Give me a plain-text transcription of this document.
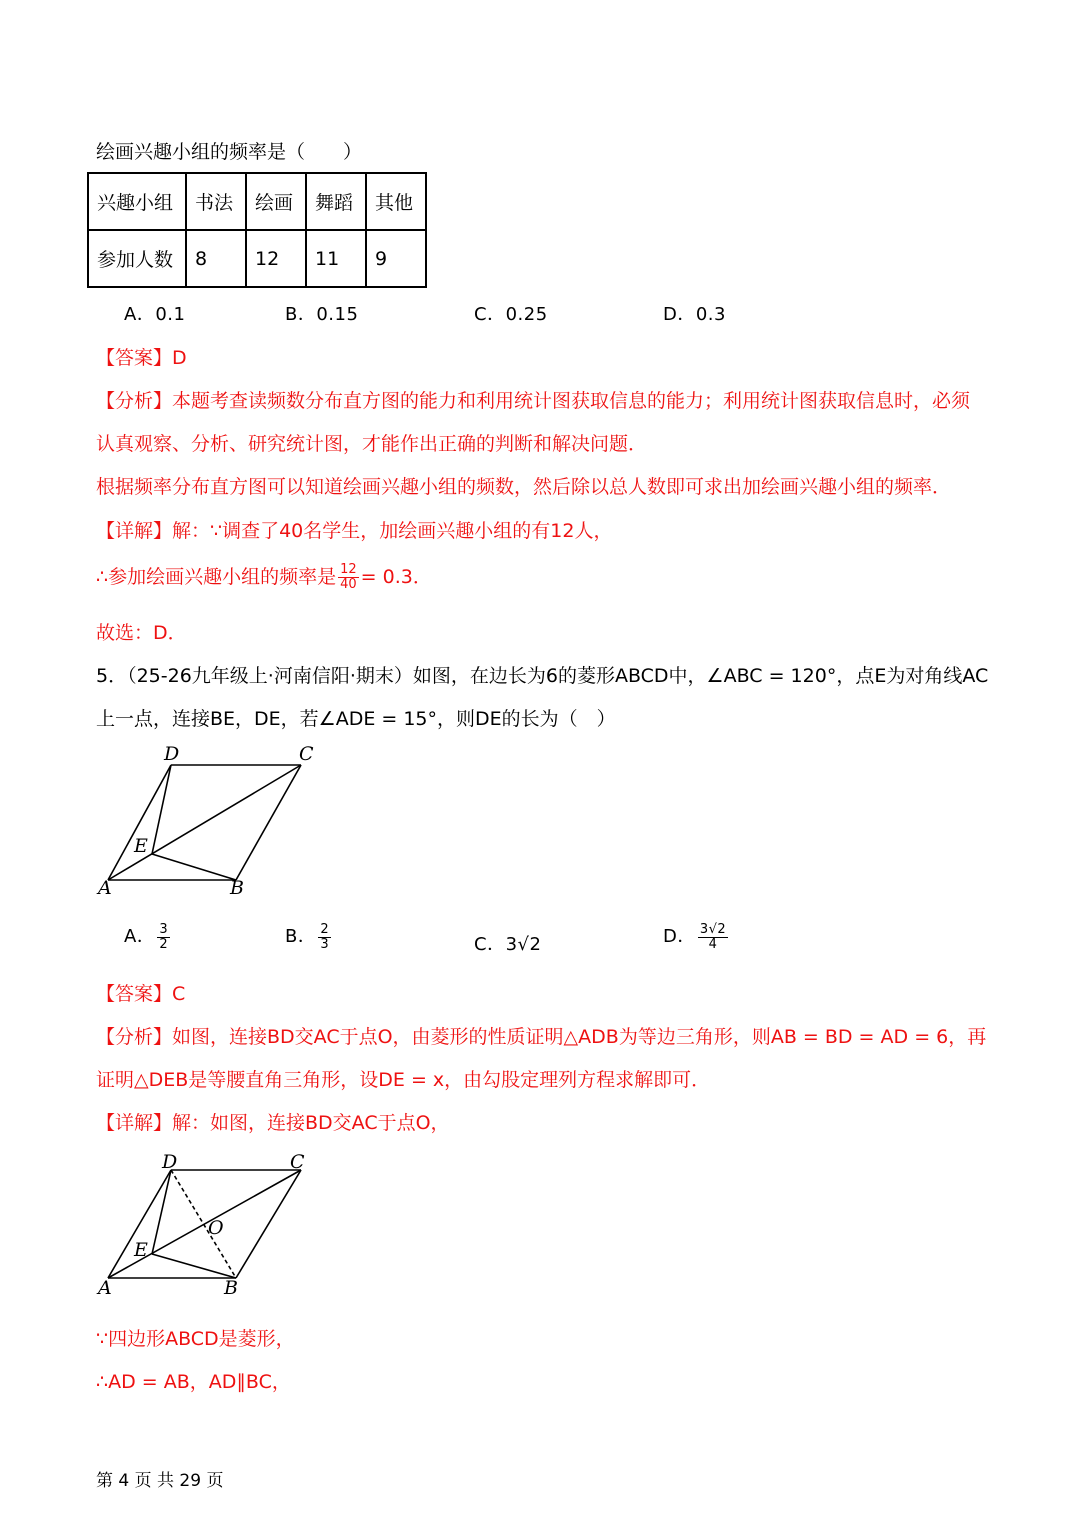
绘画兴趣小组的频率是（　　）
兴趣小组	书法	绘画	舞蹈	其他
参加人数	8	12	11	9
A．0.1	B．0.15	C．0.25	D．0.3
【答案】D
【分析】本题考查读频数分布直方图的能力和利用统计图获取信息的能力；利用统计图获取信息时，必须
认真观察、分析、研究统计图，才能作出正确的判断和解决问题．
根据频率分布直方图可以知道绘画兴趣小组的频数，然后除以总人数即可求出加绘画兴趣小组的频率．
【详解】解：∵调查了40名学生，加绘画兴趣小组的有12人，
∴参加绘画兴趣小组的频率是 $\frac{12}{40} = 0.3$．
故选：D．
5．（25-26九年级上·河南信阳·期末）如图，在边长为6的菱形ABCD中，∠ABC = 120°，点E为对角线AC
上一点，连接BE，DE，若∠ADE = 15°，则DE的长为（　）
D	C
E
A	B
A． $\frac{3}{2}$	B． $\frac{2}{3}$	C．3√2	D． $\frac{3√2}{4}$
【答案】C
【分析】如图，连接BD交AC于点O，由菱形的性质证明△ADB为等边三角形，则AB = BD = AD = 6，再
证明△DEB是等腰直角三角形，设DE = x，由勾股定理列方程求解即可．
【详解】解：如图，连接BD交AC于点O，
D	C
O
E
A	B
∵四边形ABCD是菱形，
∴AD = AB，AD∥BC，
第 4 页 共 29 页
